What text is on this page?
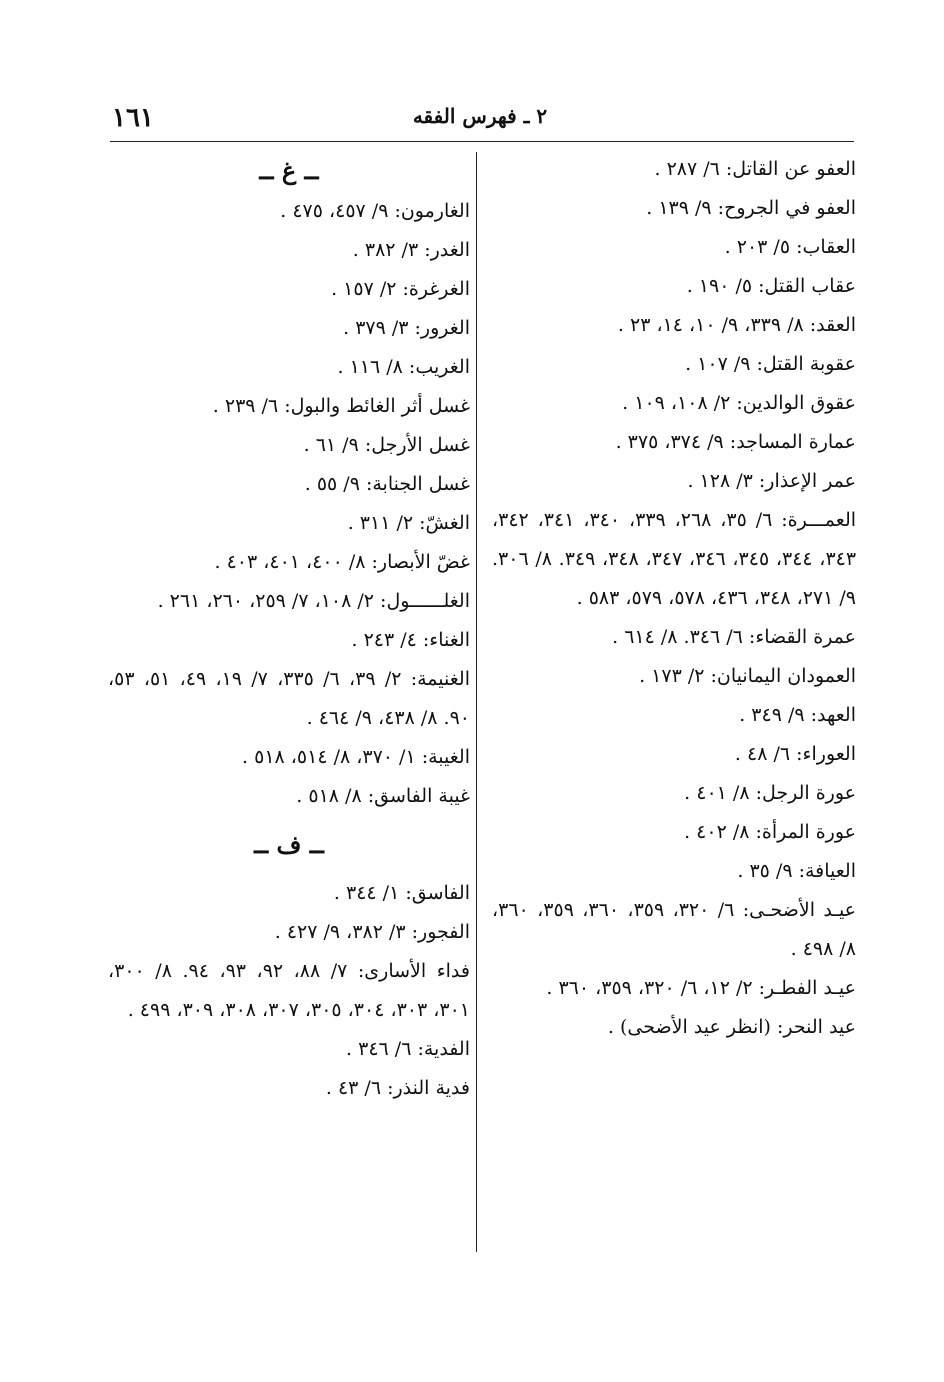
١٦١	٢ ـ فهرس الفقه
العفو عن القاتل: ٦/ ٢٨٧ .
العفو في الجروح: ٩/ ١٣٩ .
العقاب: ٥/ ٢٠٣ .
عقاب القتل: ٥/ ١٩٠ .
العقد: ٨/ ٣٣٩، ٩/ ١٠، ١٤، ٢٣ .
عقوبة القتل: ٩/ ١٠٧ .
عقوق الوالدين: ٢/ ١٠٨، ١٠٩ .
عمارة المساجد: ٩/ ٣٧٤، ٣٧٥ .
عمر الإعذار: ٣/ ١٢٨ .
العمـــرة: ٦/ ٣٥، ٢٦٨، ٣٣٩، ٣٤٠، ٣٤١، ٣٤٢، ٣٤٣، ٣٤٤، ٣٤٥، ٣٤٦، ٣٤٧، ٣٤٨، ٣٤٩. ٨/ ٣٠٦. ٩/ ٢٧١، ٣٤٨، ٤٣٦، ٥٧٨، ٥٧٩، ٥٨٣ .
عمرة القضاء: ٦/ ٣٤٦. ٨/ ٦١٤ .
العمودان اليمانيان: ٢/ ١٧٣ .
العهد: ٩/ ٣٤٩ .
العوراء: ٦/ ٤٨ .
عورة الرجل: ٨/ ٤٠١ .
عورة المرأة: ٨/ ٤٠٢ .
العيافة: ٩/ ٣٥ .
عيـد الأضحـى: ٦/ ٣٢٠، ٣٥٩، ٣٦٠، ٣٥٩، ٣٦٠، ٨/ ٤٩٨ .
عيـد الفطـر: ٢/ ١٢، ٦/ ٣٢٠، ٣٥٩، ٣٦٠ .
عيد النحر: (انظر عيد الأضحى) .
ــ غ ــ
الغارمون: ٩/ ٤٥٧، ٤٧٥ .
الغدر: ٣/ ٣٨٢ .
الغرغرة: ٢/ ١٥٧ .
الغرور: ٣/ ٣٧٩ .
الغريب: ٨/ ١١٦ .
غسل أثر الغائط والبول: ٦/ ٢٣٩ .
غسل الأرجل: ٩/ ٦١ .
غسل الجنابة: ٩/ ٥٥ .
الغشّ: ٢/ ٣١١ .
غضّ الأبصار: ٨/ ٤٠٠، ٤٠١، ٤٠٣ .
الغلــــــول: ٢/ ١٠٨، ٧/ ٢٥٩، ٢٦٠، ٢٦١ .
الغناء: ٤/ ٢٤٣ .
الغنيمة: ٢/ ٣٩، ٦/ ٣٣٥، ٧/ ١٩، ٤٩، ٥١، ٥٣، ٩٠. ٨/ ٤٣٨، ٩/ ٤٦٤ .
الغيبة: ١/ ٣٧٠، ٨/ ٥١٤، ٥١٨ .
غيبة الفاسق: ٨/ ٥١٨ .
ــ ف ــ
الفاسق: ١/ ٣٤٤ .
الفجور: ٣/ ٣٨٢، ٩/ ٤٢٧ .
فداء الأسارى: ٧/ ٨٨، ٩٢، ٩٣، ٩٤. ٨/ ٣٠٠، ٣٠١، ٣٠٣، ٣٠٤، ٣٠٥، ٣٠٧، ٣٠٨، ٣٠٩، ٤٩٩ .
الفدية: ٦/ ٣٤٦ .
فدية النذر: ٦/ ٤٣ .
